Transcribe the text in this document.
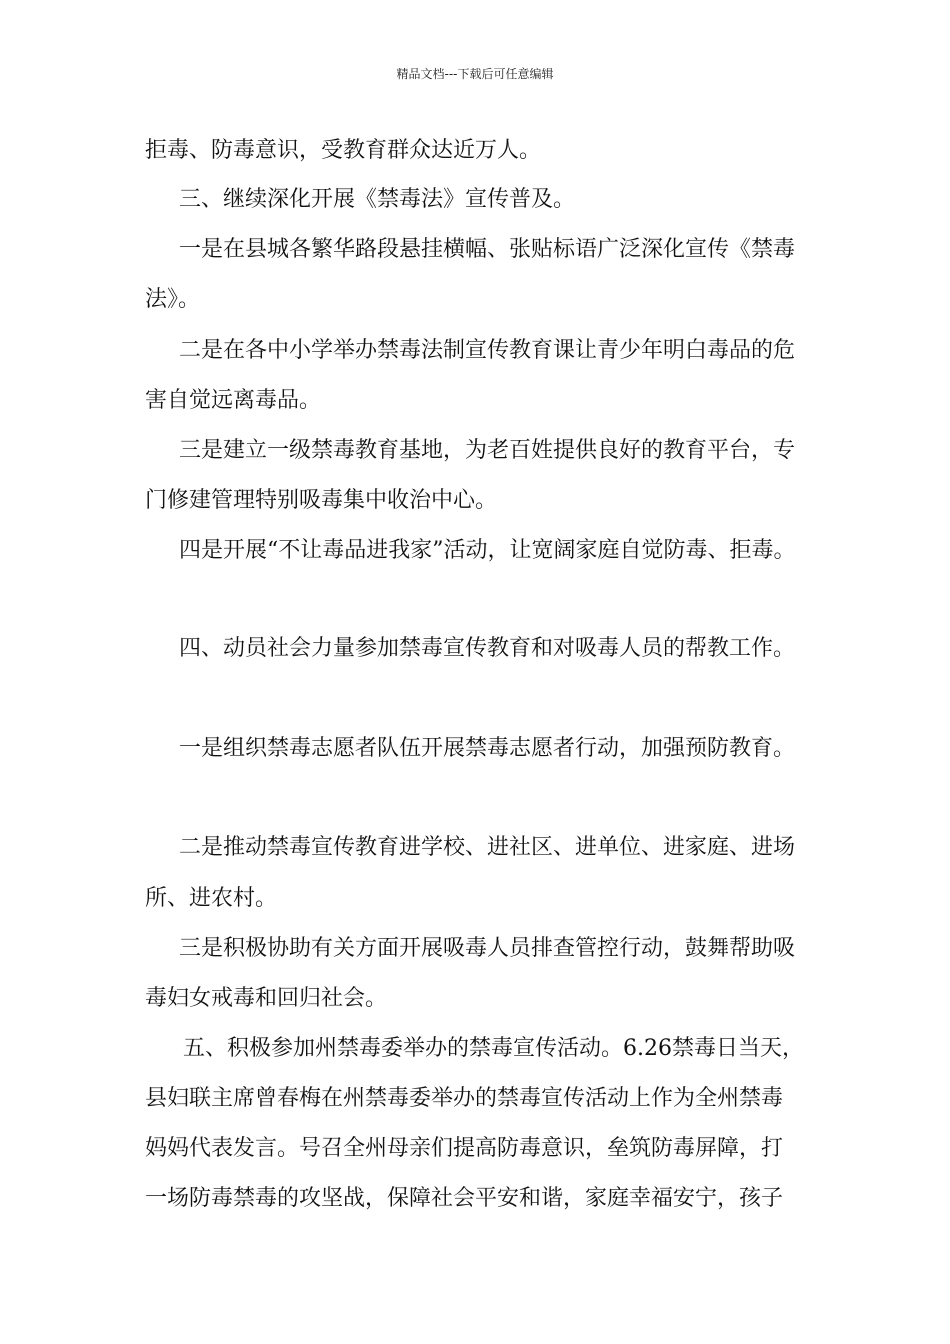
精品文档---下载后可任意编辑
拒毒、防毒意识，受教育群众达近万人。
三、继续深化开展《禁毒法》宣传普及。
一是在县城各繁华路段悬挂横幅、张贴标语广泛深化宣传《禁毒
法》。
二是在各中小学举办禁毒法制宣传教育课让青少年明白毒品的危
害自觉远离毒品。
三是建立一级禁毒教育基地，为老百姓提供良好的教育平台，专
门修建管理特别吸毒集中收治中心。
四是开展“不让毒品进我家”活动，让宽阔家庭自觉防毒、拒毒。
四、动员社会力量参加禁毒宣传教育和对吸毒人员的帮教工作。
一是组织禁毒志愿者队伍开展禁毒志愿者行动，加强预防教育。
二是推动禁毒宣传教育进学校、进社区、进单位、进家庭、进场
所、进农村。
三是积极协助有关方面开展吸毒人员排查管控行动，鼓舞帮助吸
毒妇女戒毒和回归社会。
五、积极参加州禁毒委举办的禁毒宣传活动。6.26禁毒日当天，
县妇联主席曾春梅在州禁毒委举办的禁毒宣传活动上作为全州禁毒
妈妈代表发言。号召全州母亲们提高防毒意识，垒筑防毒屏障，打
一场防毒禁毒的攻坚战，保障社会平安和谐，家庭幸福安宁，孩子
